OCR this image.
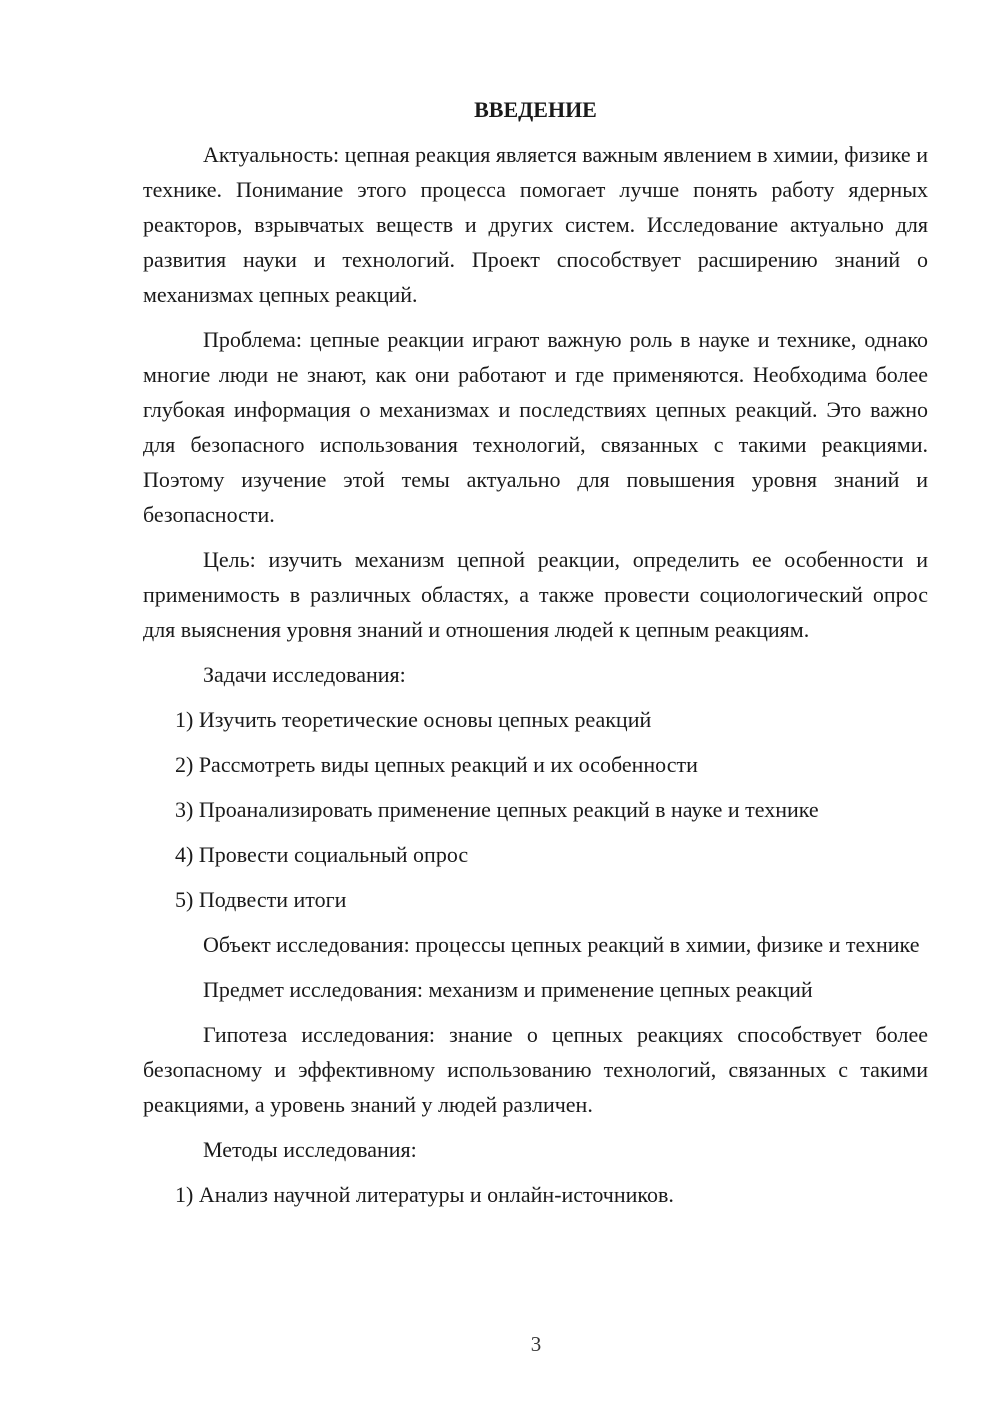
ВВЕДЕНИЕ

Актуальность: цепная реакция является важным явлением в химии, физике и технике. Понимание этого процесса помогает лучше понять работу ядерных реакторов, взрывчатых веществ и других систем. Исследование актуально для развития науки и технологий. Проект способствует расширению знаний о механизмах цепных реакций.

Проблема: цепные реакции играют важную роль в науке и технике, однако многие люди не знают, как они работают и где применяются. Необходима более глубокая информация о механизмах и последствиях цепных реакций. Это важно для безопасного использования технологий, связанных с такими реакциями. Поэтому изучение этой темы актуально для повышения уровня знаний и безопасности.

Цель: изучить механизм цепной реакции, определить ее особенности и применимость в различных областях, а также провести социологический опрос для выяснения уровня знаний и отношения людей к цепным реакциям.

Задачи исследования:

1) Изучить теоретические основы цепных реакций
2) Рассмотреть виды цепных реакций и их особенности
3) Проанализировать применение цепных реакций в науке и технике
4) Провести социальный опрос
5) Подвести итоги

Объект исследования: процессы цепных реакций в химии, физике и технике

Предмет исследования: механизм и применение цепных реакций

Гипотеза исследования: знание о цепных реакциях способствует более безопасному и эффективному использованию технологий, связанных с такими реакциями, а уровень знаний у людей различен.

Методы исследования:

1) Анализ научной литературы и онлайн-источников.
3
